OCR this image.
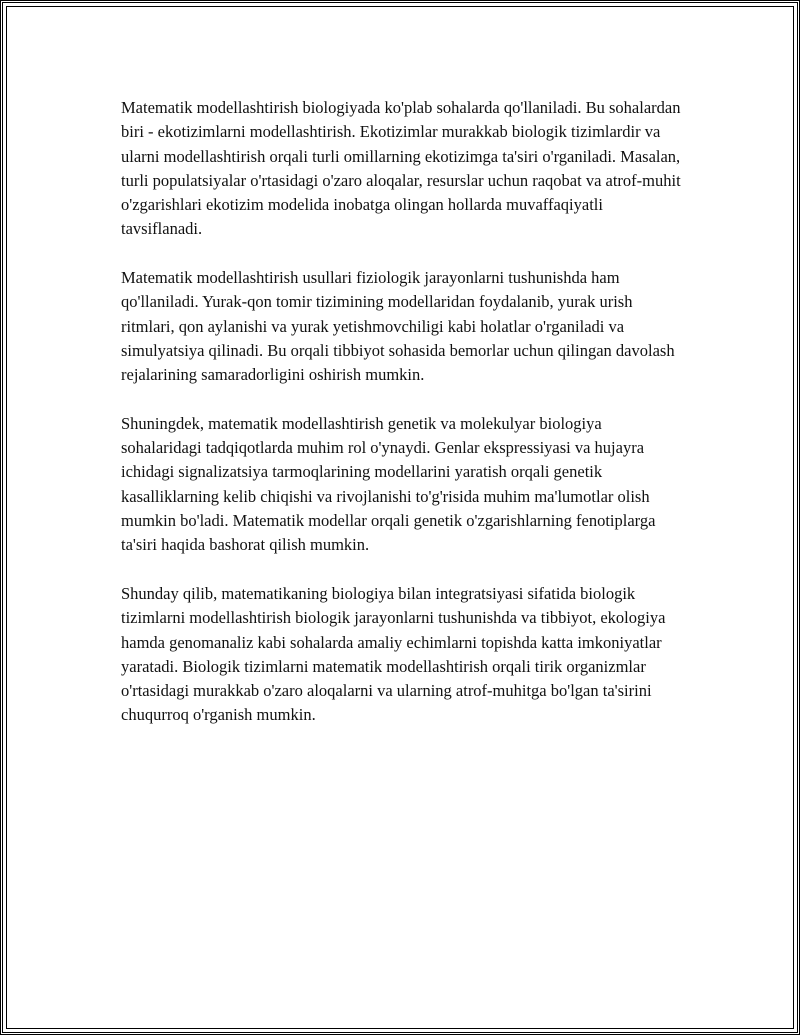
Matematik modellashtirish biologiyada ko'plab sohalarda qo'llaniladi. Bu sohalardan biri - ekotizimlarni modellashtirish. Ekotizimlar murakkab biologik tizimlardir va ularni modellashtirish orqali turli omillarning ekotizimga ta'siri o'rganiladi. Masalan, turli populatsiyalar o'rtasidagi o'zaro aloqalar, resurslar uchun raqobat va atrof-muhit o'zgarishlari ekotizim modelida inobatga olingan hollarda muvaffaqiyatli tavsiflanadi.

Matematik modellashtirish usullari fiziologik jarayonlarni tushunishda ham qo'llaniladi. Yurak-qon tomir tizimining modellaridan foydalanib, yurak urish ritmlari, qon aylanishi va yurak yetishmovchiligi kabi holatlar o'rganiladi va simulyatsiya qilinadi. Bu orqali tibbiyot sohasida bemorlar uchun qilingan davolash rejalarining samaradorligini oshirish mumkin.

Shuningdek, matematik modellashtirish genetik va molekulyar biologiya sohalaridagi tadqiqotlarda muhim rol o'ynaydi. Genlar ekspressiyasi va hujayra ichidagi signalizatsiya tarmoqlarining modellarini yaratish orqali genetik kasalliklarning kelib chiqishi va rivojlanishi to'g'risida muhim ma'lumotlar olish mumkin bo'ladi. Matematik modellar orqali genetik o'zgarishlarning fenotiplarga ta'siri haqida bashorat qilish mumkin.

Shunday qilib, matematikaning biologiya bilan integratsiyasi sifatida biologik tizimlarni modellashtirish biologik jarayonlarni tushunishda va tibbiyot, ekologiya hamda genomanaliz kabi sohalarda amaliy echimlarni topishda katta imkoniyatlar yaratadi. Biologik tizimlarni matematik modellashtirish orqali tirik organizmlar o'rtasidagi murakkab o'zaro aloqalarni va ularning atrof-muhitga bo'lgan ta'sirini chuqurroq o'rganish mumkin.
